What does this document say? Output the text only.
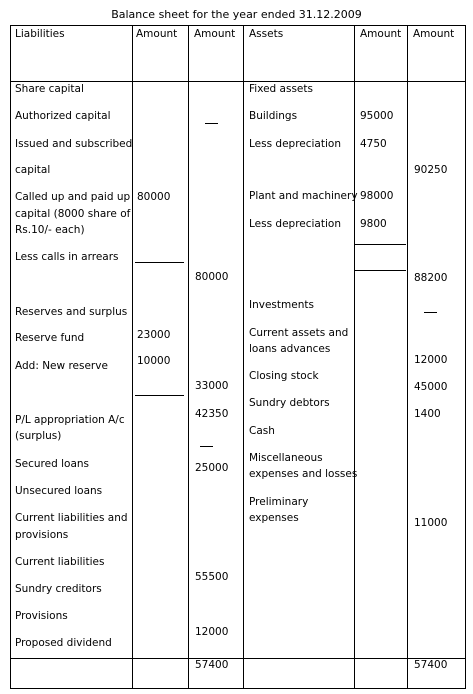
Balance sheet for the year ended 31.12.2009
Liabilities	Amount Amount Assets	Amount Amount
Share capital
Authorized capital
Issued and subscribed
capital
Called up and paid up
capital (8000 share of
Rs.10/- each)
Less calls in arrears
Reserves and surplus
Reserve fund
Add: New reserve
P/L appropriation A/c
(surplus)
Secured loans
Unsecured loans
Current liabilities and
provisions
Current liabilities
Sundry creditors
Provisions
Proposed dividend
80000
23000
10000
80000
33000
42350
25000
55500
12000
57400
Fixed assets
Buildings
Less depreciation
Plant and machinery
Less depreciation
Investments
Current assets and
loans advances
Closing stock
Sundry debtors
Cash
Miscellaneous
expenses and losses
Preliminary
expenses
95000
4750
98000
9800
90250
88200
12000
45000
1400
11000
57400
